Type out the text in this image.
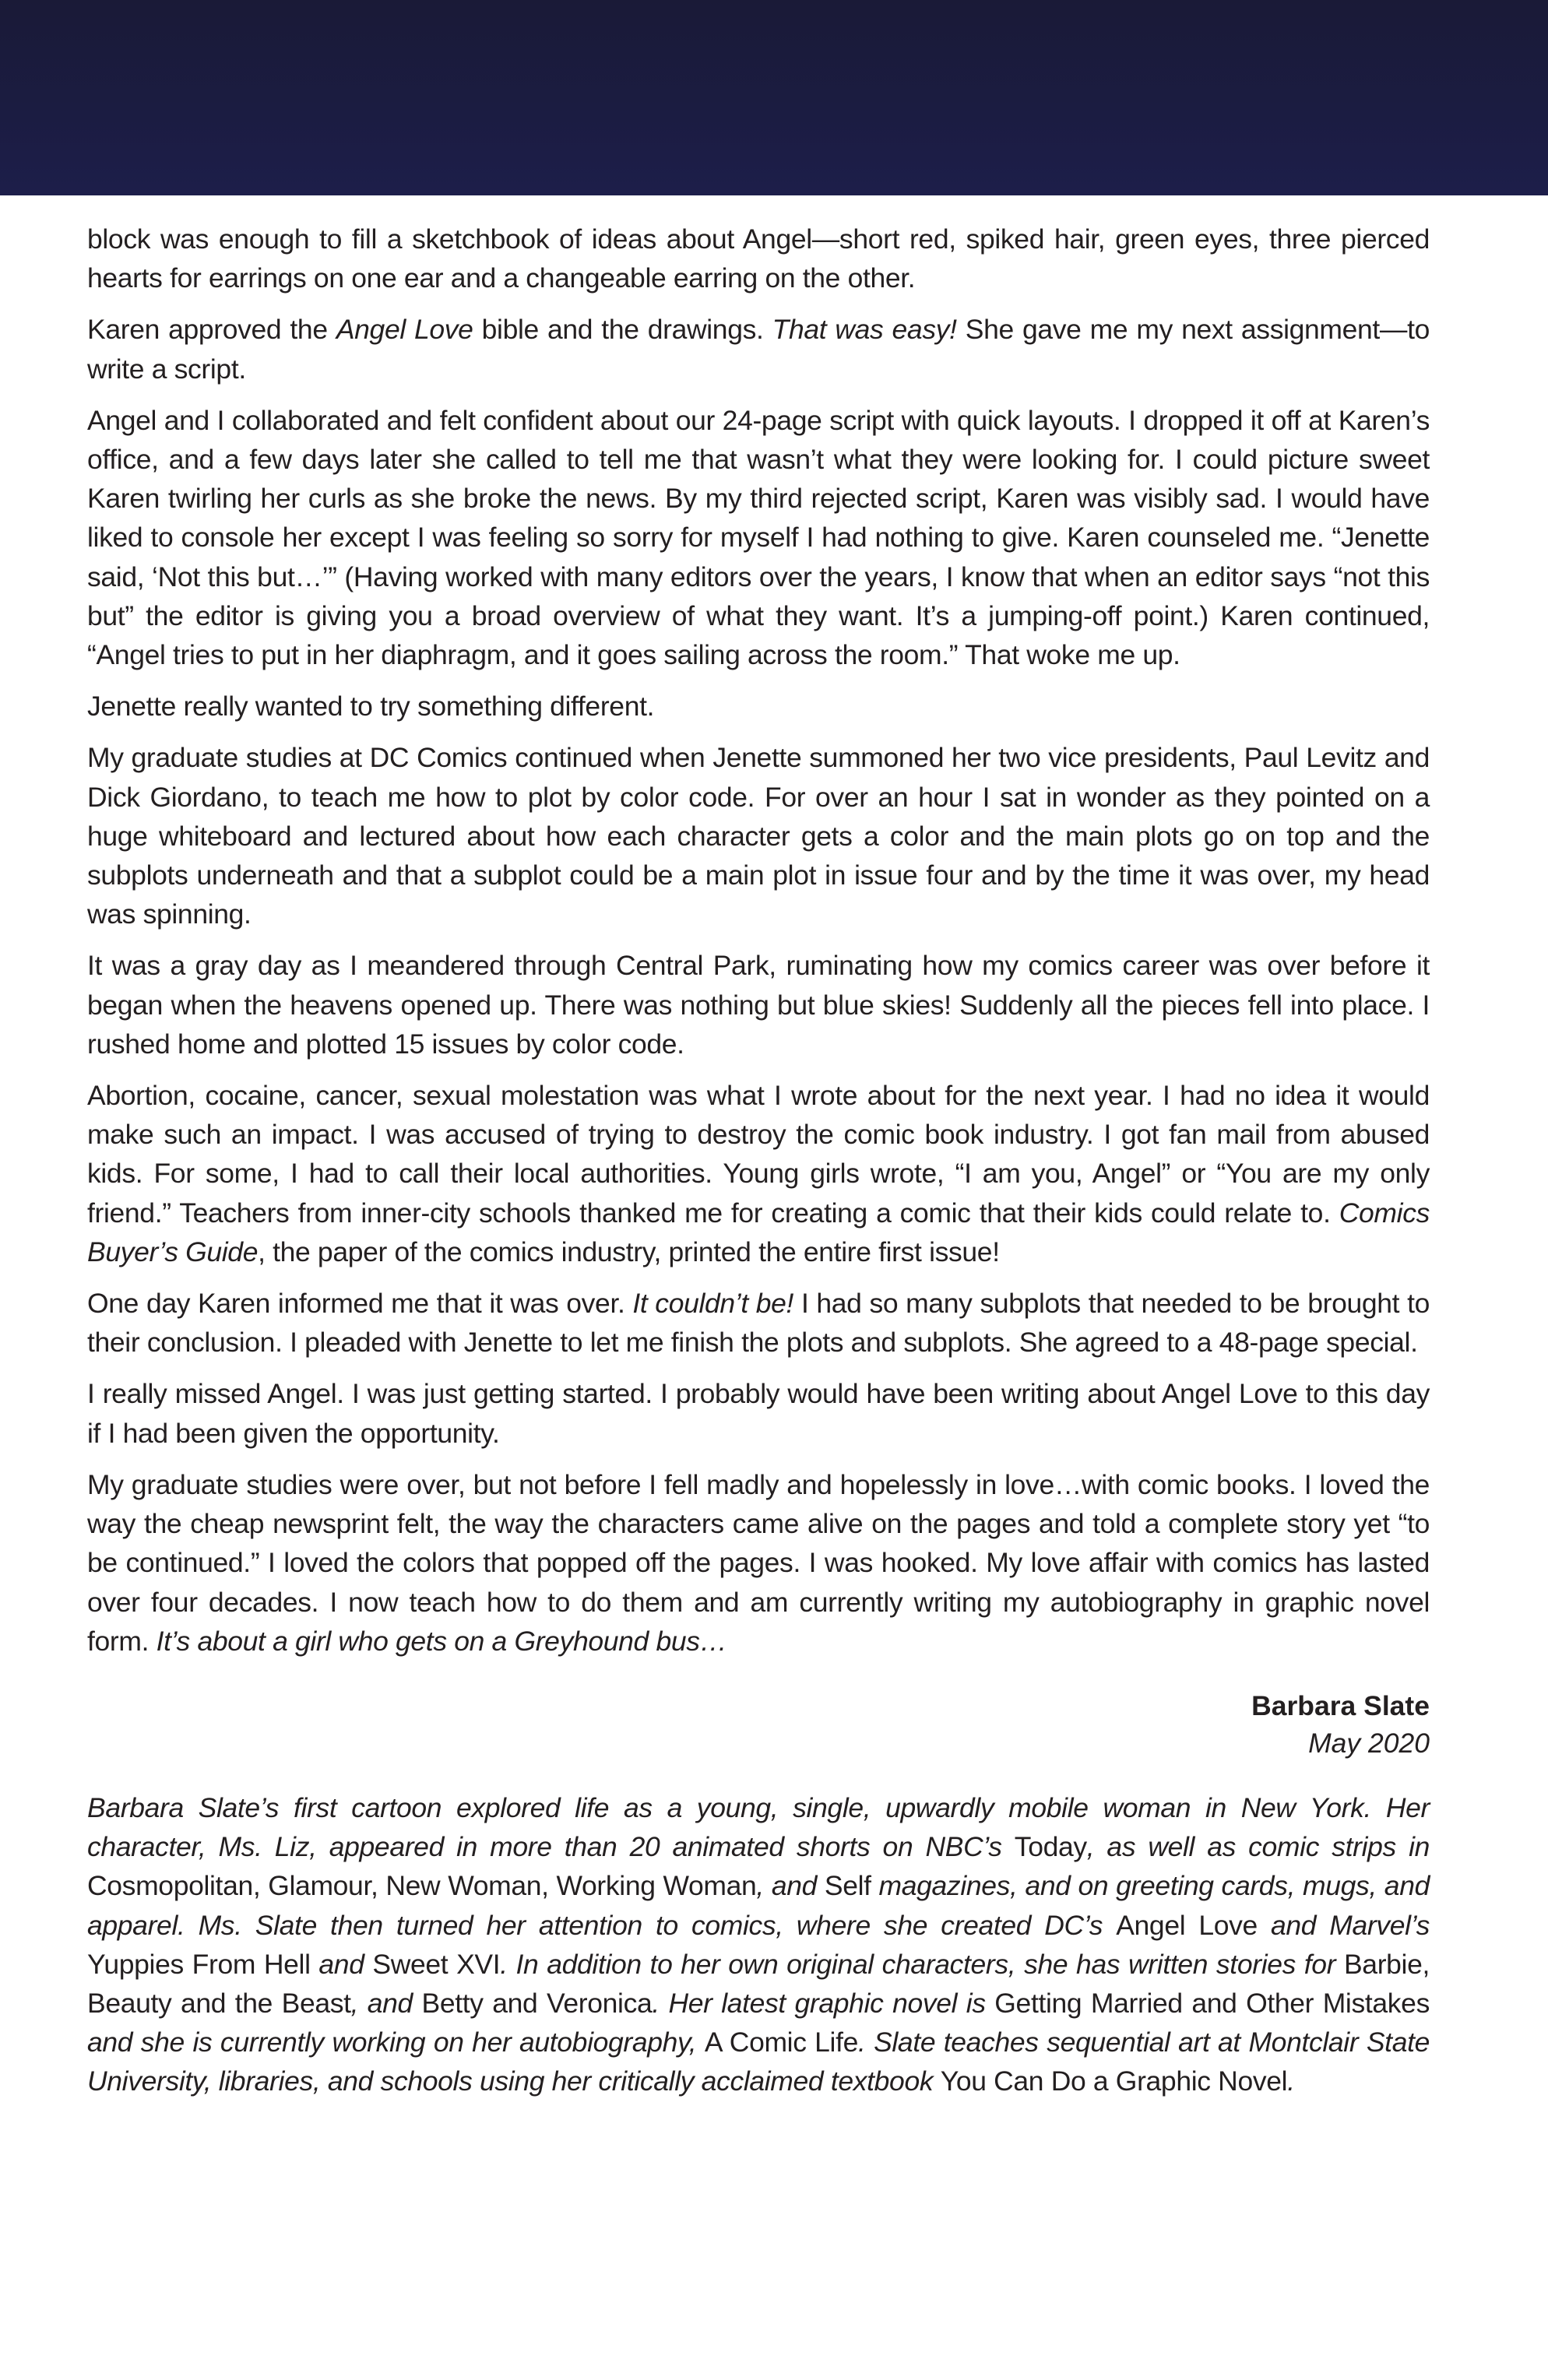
block was enough to fill a sketchbook of ideas about Angel—short red, spiked hair, green eyes, three pierced hearts for earrings on one ear and a changeable earring on the other.

Karen approved the Angel Love bible and the drawings. That was easy! She gave me my next assignment—to write a script.

Angel and I collaborated and felt confident about our 24-page script with quick layouts. I dropped it off at Karen’s office, and a few days later she called to tell me that wasn’t what they were looking for. I could picture sweet Karen twirling her curls as she broke the news. By my third rejected script, Karen was visibly sad. I would have liked to console her except I was feeling so sorry for myself I had nothing to give. Karen counseled me. “Jenette said, ‘Not this but…’” (Having worked with many editors over the years, I know that when an editor says “not this but” the editor is giving you a broad overview of what they want. It’s a jumping-off point.) Karen continued, “Angel tries to put in her diaphragm, and it goes sailing across the room.” That woke me up.

Jenette really wanted to try something different.

My graduate studies at DC Comics continued when Jenette summoned her two vice presidents, Paul Levitz and Dick Giordano, to teach me how to plot by color code. For over an hour I sat in wonder as they pointed on a huge whiteboard and lectured about how each character gets a color and the main plots go on top and the subplots underneath and that a subplot could be a main plot in issue four and by the time it was over, my head was spinning.

It was a gray day as I meandered through Central Park, ruminating how my comics career was over before it began when the heavens opened up. There was nothing but blue skies! Suddenly all the pieces fell into place. I rushed home and plotted 15 issues by color code.

Abortion, cocaine, cancer, sexual molestation was what I wrote about for the next year. I had no idea it would make such an impact. I was accused of trying to destroy the comic book industry. I got fan mail from abused kids. For some, I had to call their local authorities. Young girls wrote, “I am you, Angel” or “You are my only friend.” Teachers from inner-city schools thanked me for creating a comic that their kids could relate to. Comics Buyer’s Guide, the paper of the comics industry, printed the entire first issue!

One day Karen informed me that it was over. It couldn’t be! I had so many subplots that needed to be brought to their conclusion. I pleaded with Jenette to let me finish the plots and subplots. She agreed to a 48-page special.

I really missed Angel. I was just getting started. I probably would have been writing about Angel Love to this day if I had been given the opportunity.

My graduate studies were over, but not before I fell madly and hopelessly in love…with comic books. I loved the way the cheap newsprint felt, the way the characters came alive on the pages and told a complete story yet “to be continued.” I loved the colors that popped off the pages. I was hooked. My love affair with comics has lasted over four decades. I now teach how to do them and am currently writing my autobiography in graphic novel form. It’s about a girl who gets on a Greyhound bus…

Barbara Slate
May 2020

Barbara Slate’s first cartoon explored life as a young, single, upwardly mobile woman in New York. Her character, Ms. Liz, appeared in more than 20 animated shorts on NBC’s Today, as well as comic strips in Cosmopolitan, Glamour, New Woman, Working Woman, and Self magazines, and on greeting cards, mugs, and apparel. Ms. Slate then turned her attention to comics, where she created DC’s Angel Love and Marvel’s Yuppies From Hell and Sweet XVI. In addition to her own original characters, she has written stories for Barbie, Beauty and the Beast, and Betty and Veronica. Her latest graphic novel is Getting Married and Other Mistakes and she is currently working on her autobiography, A Comic Life. Slate teaches sequential art at Montclair State University, libraries, and schools using her critically acclaimed textbook You Can Do a Graphic Novel.
